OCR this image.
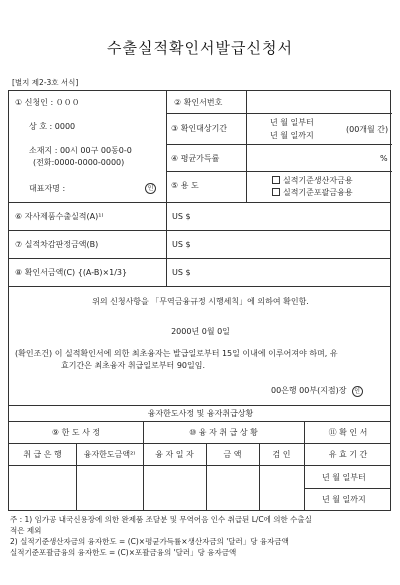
수출실적확인서발급신청서
[별지 제2-3호 서식]
① 신청인 : ０００
상 호 : 0000
소재지 : 00시 00구 00동0-0
(전화:0000-0000-0000)
대표자명 :	인
② 확인서번호
③ 확인대상기간
년 월 일부터
년 월 일까지
(00개월 간)
④ 평균가득률	%
⑤ 용 도
실적기준생산자금용
실적기준포괄금융용
⑥ 자사제품수출실적(A)¹⁾	US $
⑦ 실적차감판정금액(B)	US $
⑧ 확인서금액(C) {(A-B)×1/3}	US $
위의 신청사항을 「무역금융규정 시행세칙」에 의하여 확인함.
2000년 0월 0일
(확인조건) 이 실적확인서에 의한 최초융자는 발급일로부터 15일 이내에 이루어져야 하며, 유
효기간은 최초융자 취급일로부터 90일임.
00은행 00부(지점)장 인
융자한도사정 및 융자취급상황
⑨ 한 도 사 정	⑩ 융 자 취 급 상 황	⑪ 확 인 서
취 급 은 행	융자한도금액²⁾	융 자 일 자	금 액	검 인	유 효 기 간
년 월 일부터
년 월 일까지
주 : 1) 임가공 내국신용장에 의한 완제품 조달분 및 무역어음 인수 취급된 L/C에 의한 수출실
적은 제외
2) 실적기준생산자금의 융자한도 = (C)×평균가득률×생산자금의 '달러」당 융자금액
실적기준포괄금융의 융자한도 = (C)×포괄금융의 '달러」당 융자금액
